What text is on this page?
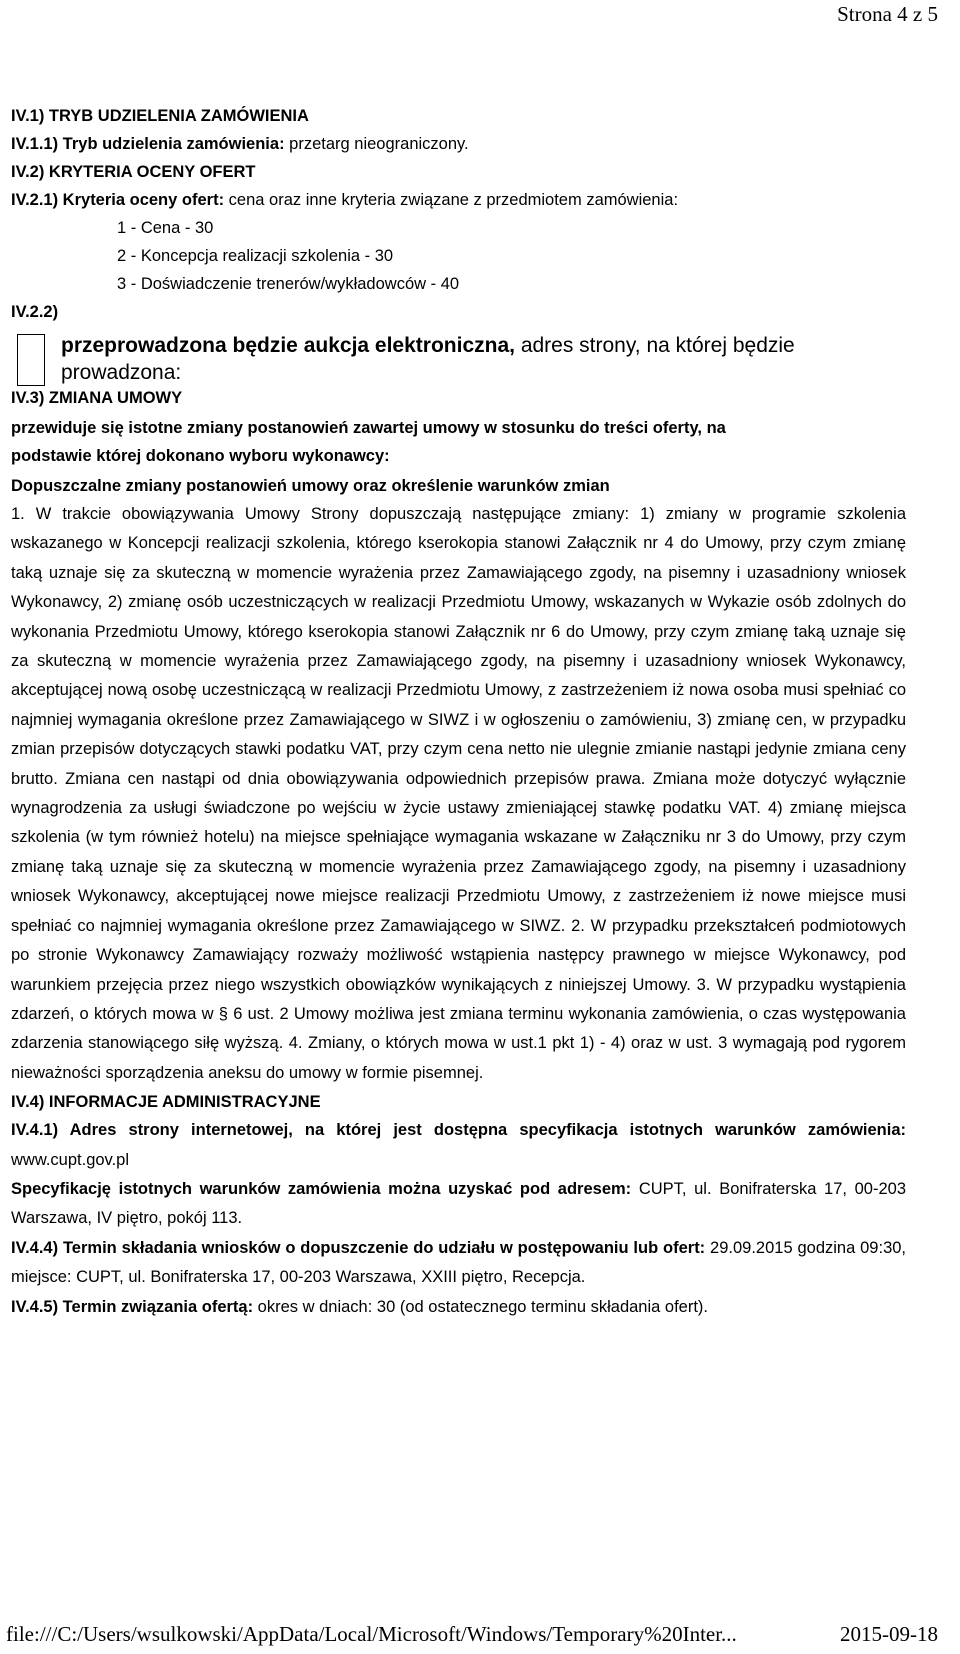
Strona 4 z 5
IV.1) TRYB UDZIELENIA ZAMÓWIENIA
IV.1.1) Tryb udzielenia zamówienia: przetarg nieograniczony.
IV.2) KRYTERIA OCENY OFERT
IV.2.1) Kryteria oceny ofert: cena oraz inne kryteria związane z przedmiotem zamówienia:
1 - Cena - 30
2 - Koncepcja realizacji szkolenia - 30
3 - Doświadczenie trenerów/wykładowców - 40
IV.2.2)
przeprowadzona będzie aukcja elektroniczna, adres strony, na której będzie
prowadzona:
IV.3) ZMIANA UMOWY
przewiduje się istotne zmiany postanowień zawartej umowy w stosunku do treści oferty, na
podstawie której dokonano wyboru wykonawcy:
Dopuszczalne zmiany postanowień umowy oraz określenie warunków zmian
1. W trakcie obowiązywania Umowy Strony dopuszczają następujące zmiany: 1) zmiany w programie szkolenia wskazanego w Koncepcji realizacji szkolenia, którego kserokopia stanowi Załącznik nr 4 do Umowy, przy czym zmianę taką uznaje się za skuteczną w momencie wyrażenia przez Zamawiającego zgody, na pisemny i uzasadniony wniosek Wykonawcy, 2) zmianę osób uczestniczących w realizacji Przedmiotu Umowy, wskazanych w Wykazie osób zdolnych do wykonania Przedmiotu Umowy, którego kserokopia stanowi Załącznik nr 6 do Umowy, przy czym zmianę taką uznaje się za skuteczną w momencie wyrażenia przez Zamawiającego zgody, na pisemny i uzasadniony wniosek Wykonawcy, akceptującej nową osobę uczestniczącą w realizacji Przedmiotu Umowy, z zastrzeżeniem iż nowa osoba musi spełniać co najmniej wymagania określone przez Zamawiającego w SIWZ i w ogłoszeniu o zamówieniu, 3) zmianę cen, w przypadku zmian przepisów dotyczących stawki podatku VAT, przy czym cena netto nie ulegnie zmianie nastąpi jedynie zmiana ceny brutto. Zmiana cen nastąpi od dnia obowiązywania odpowiednich przepisów prawa. Zmiana może dotyczyć wyłącznie wynagrodzenia za usługi świadczone po wejściu w życie ustawy zmieniającej stawkę podatku VAT. 4) zmianę miejsca szkolenia (w tym również hotelu) na miejsce spełniające wymagania wskazane w Załączniku nr 3 do Umowy, przy czym zmianę taką uznaje się za skuteczną w momencie wyrażenia przez Zamawiającego zgody, na pisemny i uzasadniony wniosek Wykonawcy, akceptującej nowe miejsce realizacji Przedmiotu Umowy, z zastrzeżeniem iż nowe miejsce musi spełniać co najmniej wymagania określone przez Zamawiającego w SIWZ. 2. W przypadku przekształceń podmiotowych po stronie Wykonawcy Zamawiający rozważy możliwość wstąpienia następcy prawnego w miejsce Wykonawcy, pod warunkiem przejęcia przez niego wszystkich obowiązków wynikających z niniejszej Umowy. 3. W przypadku wystąpienia zdarzeń, o których mowa w § 6 ust. 2 Umowy możliwa jest zmiana terminu wykonania zamówienia, o czas występowania zdarzenia stanowiącego siłę wyższą. 4. Zmiany, o których mowa w ust.1 pkt 1) - 4) oraz w ust. 3 wymagają pod rygorem nieważności sporządzenia aneksu do umowy w formie pisemnej.
IV.4) INFORMACJE ADMINISTRACYJNE
IV.4.1) Adres strony internetowej, na której jest dostępna specyfikacja istotnych warunków zamówienia: www.cupt.gov.pl
Specyfikację istotnych warunków zamówienia można uzyskać pod adresem: CUPT, ul. Bonifraterska 17, 00-203 Warszawa, IV piętro, pokój 113.
IV.4.4) Termin składania wniosków o dopuszczenie do udziału w postępowaniu lub ofert: 29.09.2015 godzina 09:30, miejsce: CUPT, ul. Bonifraterska 17, 00-203 Warszawa, XXIII piętro, Recepcja.
IV.4.5) Termin związania ofertą: okres w dniach: 30 (od ostatecznego terminu składania ofert).
file:///C:/Users/wsulkowski/AppData/Local/Microsoft/Windows/Temporary%20Inter...	2015-09-18
